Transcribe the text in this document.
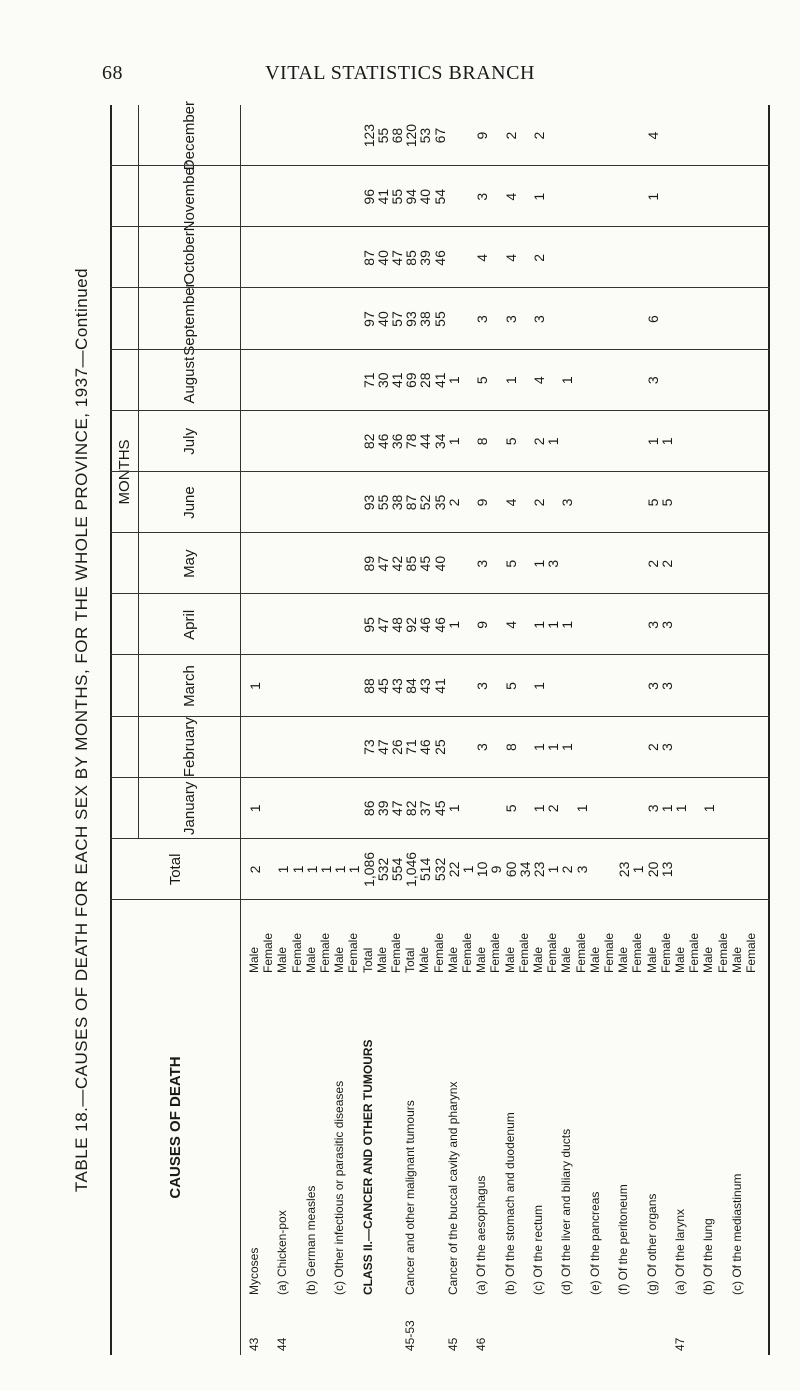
68	VITAL STATISTICS BRANCH
TABLE 18.—CAUSES OF DEATH FOR EACH SEX BY MONTHS, FOR THE WHOLE PROVINCE, 1937—Continued	CAUSES OF DEATH
MONTHS
Total
January
February
March
April
May
June
July
August
September
October
November
December
43
Mycoses
Male
2
1
1
Female
44
(a) Chicken-pox
Male
1
Female
1
(b) German measles
Male
1
Female
1
(c) Other infectious or parasitic diseases
Male
1
Female
1
CLASS II.—CANCER AND OTHER TUMOURS
Total
1,086
86
73
88
95
89
93
82
71
97
87
96
123
Male
532
39
47
45
47
47
55
46
30
40
40
41
55
Female
554
47
26
43
48
42
38
36
41
57
47
55
68
45-53
Cancer and other malignant tumours
Total
1,046
82
71
84
92
85
87
78
69
93
85
94
120
Male
514
37
46
43
46
45
52
44
28
38
39
40
53
Female
532
45
25
41
46
40
35
34
41
55
46
54
67
45
Cancer of the buccal cavity and pharynx
Male
22
1
1
2
1
1
Female
1
46
(a) Of the aesophagus
Male
10
3
3
9
3
9
8
5
3
4
3
9
Female
9
(b) Of the stomach and duodenum
Male
60
5
8
5
4
5
4
5
1
3
4
4
2
Female
34
(c) Of the rectum
Male
23
1
1
1
1
1
2
2
4
3
2
1
2
Female
1
2
1
1
3
1
(d) Of the liver and biliary ducts
Male
2
1
1
3
1
Female
3
1
(e) Of the pancreas
Male Female
(f) Of the peritoneum
Male
23
Female
1
(g) Of other organs
Male
20
3
2
3
3
2
5
1
3
6
1
4
Female
13
1
3
3
3
2
5
1
47
(a) Of the larynx
Male
1
Female
(b) Of the lung
Male
1
Female
(c) Of the mediastinum
Male Female
